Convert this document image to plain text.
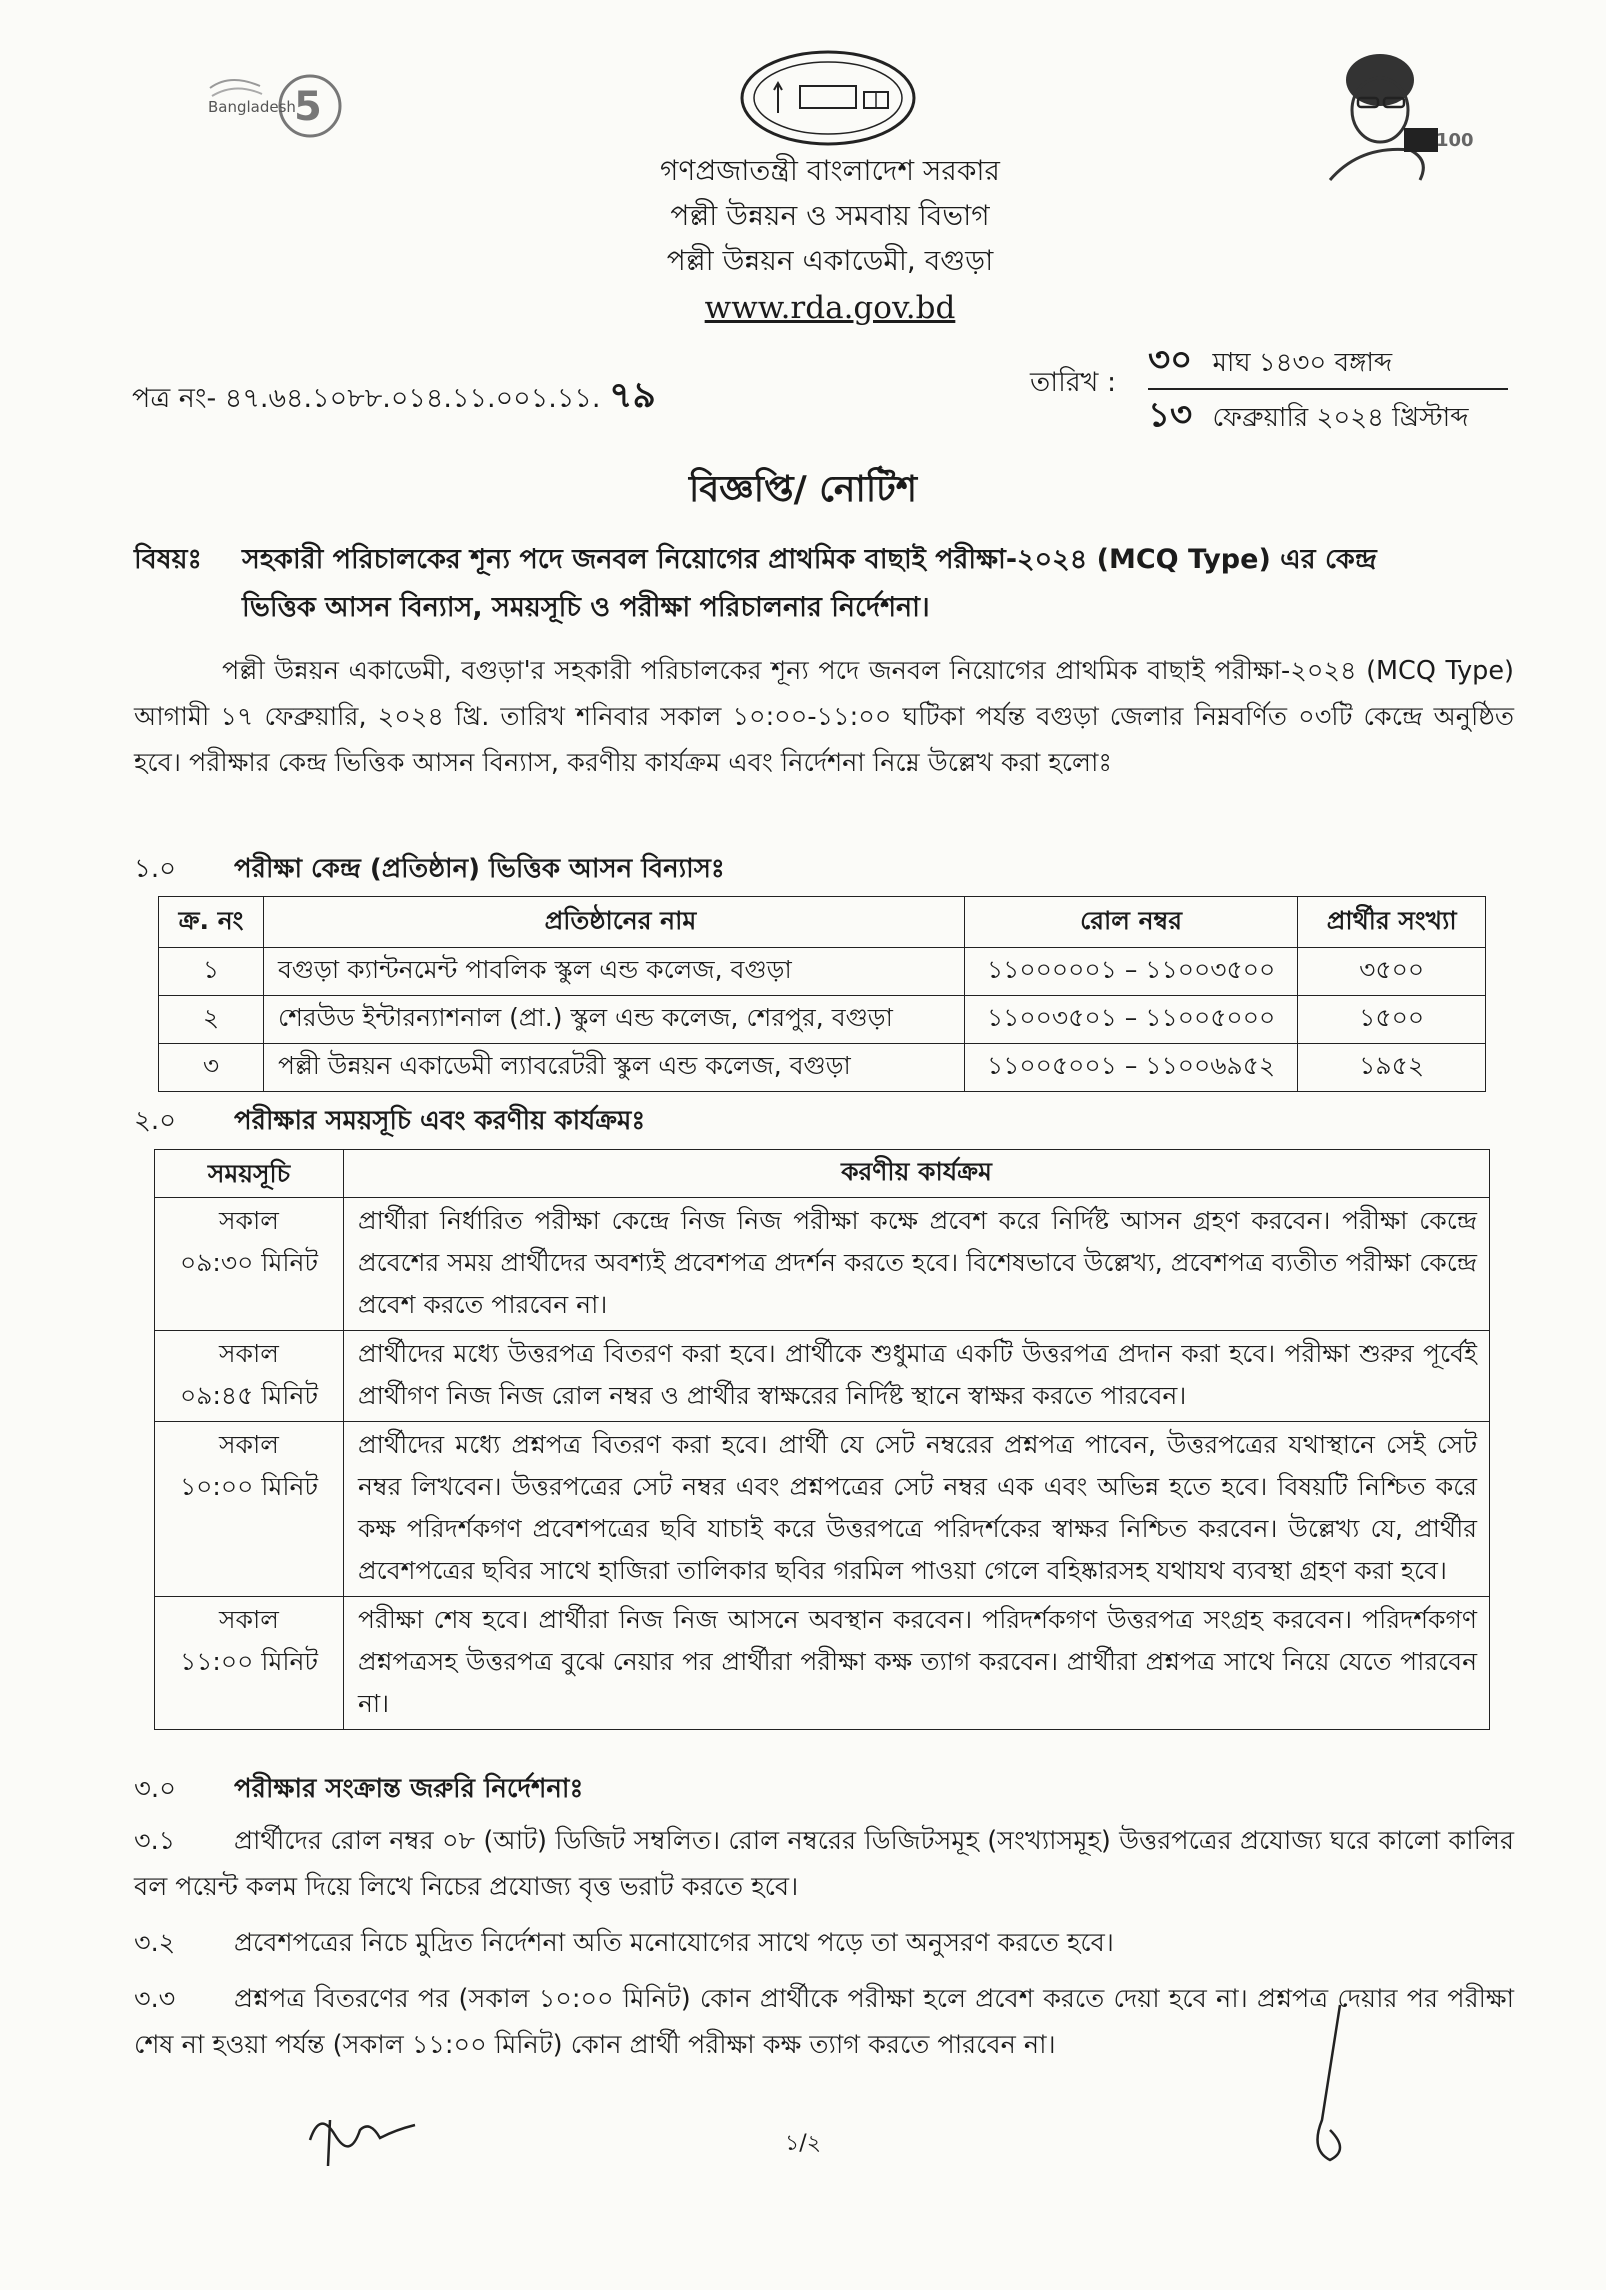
5
Bangladesh
100
গণপ্রজাতন্ত্রী বাংলাদেশ সরকার
পল্লী উন্নয়ন ও সমবায় বিভাগ
পল্লী উন্নয়ন একাডেমী, বগুড়া
www.rda.gov.bd
পত্র নং- ৪৭.৬৪.১০৮৮.০১৪.১১.০০১.১১. ৭৯	তারিখ :
৩০ মাঘ ১৪৩০ বঙ্গাব্দ
১৩ ফেব্রুয়ারি ২০২৪ খ্রিস্টাব্দ
বিজ্ঞপ্তি/ নোটিশ
বিষয়ঃ সহকারী পরিচালকের শূন্য পদে জনবল নিয়োগের প্রাথমিক বাছাই পরীক্ষা-২০২৪ (MCQ Type) এর কেন্দ্র
ভিত্তিক আসন বিন্যাস, সময়সূচি ও পরীক্ষা পরিচালনার নির্দেশনা।
পল্লী উন্নয়ন একাডেমী, বগুড়া'র সহকারী পরিচালকের শূন্য পদে জনবল নিয়োগের প্রাথমিক বাছাই পরীক্ষা-২০২৪ (MCQ Type) আগামী ১৭ ফেব্রুয়ারি, ২০২৪ খ্রি. তারিখ শনিবার সকাল ১০:০০-১১:০০ ঘটিকা পর্যন্ত বগুড়া জেলার নিম্নবর্ণিত ০৩টি কেন্দ্রে অনুষ্ঠিত হবে। পরীক্ষার কেন্দ্র ভিত্তিক আসন বিন্যাস, করণীয় কার্যক্রম এবং নির্দেশনা নিম্নে উল্লেখ করা হলোঃ
১.০ পরীক্ষা কেন্দ্র (প্রতিষ্ঠান) ভিত্তিক আসন বিন্যাসঃ
ক্র. নং	প্রতিষ্ঠানের নাম	রোল নম্বর	প্রার্থীর সংখ্যা
১	বগুড়া ক্যান্টনমেন্ট পাবলিক স্কুল এন্ড কলেজ, বগুড়া	১১০০০০০১ – ১১০০৩৫০০	৩৫০০
২	শেরউড ইন্টারন্যাশনাল (প্রা.) স্কুল এন্ড কলেজ, শেরপুর, বগুড়া	১১০০৩৫০১ – ১১০০৫০০০	১৫০০
৩	পল্লী উন্নয়ন একাডেমী ল্যাবরেটরী স্কুল এন্ড কলেজ, বগুড়া	১১০০৫০০১ – ১১০০৬৯৫২	১৯৫২
২.০ পরীক্ষার সময়সূচি এবং করণীয় কার্যক্রমঃ
সময়সূচি	করণীয় কার্যক্রম

সকাল
০৯:৩০ মিনিট	প্রার্থীরা নির্ধারিত পরীক্ষা কেন্দ্রে নিজ নিজ পরীক্ষা কক্ষে প্রবেশ করে নির্দিষ্ট আসন গ্রহণ করবেন। পরীক্ষা কেন্দ্রে প্রবেশের সময় প্রার্থীদের অবশ্যই প্রবেশপত্র প্রদর্শন করতে হবে। বিশেষভাবে উল্লেখ্য, প্রবেশপত্র ব্যতীত পরীক্ষা কেন্দ্রে প্রবেশ করতে পারবেন না।

সকাল
০৯:৪৫ মিনিট	প্রার্থীদের মধ্যে উত্তরপত্র বিতরণ করা হবে। প্রার্থীকে শুধুমাত্র একটি উত্তরপত্র প্রদান করা হবে। পরীক্ষা শুরুর পূর্বেই প্রার্থীগণ নিজ নিজ রোল নম্বর ও প্রার্থীর স্বাক্ষরের নির্দিষ্ট স্থানে স্বাক্ষর করতে পারবেন।

সকাল
১০:০০ মিনিট	প্রার্থীদের মধ্যে প্রশ্নপত্র বিতরণ করা হবে। প্রার্থী যে সেট নম্বরের প্রশ্নপত্র পাবেন, উত্তরপত্রের যথাস্থানে সেই সেট নম্বর লিখবেন। উত্তরপত্রের সেট নম্বর এবং প্রশ্নপত্রের সেট নম্বর এক এবং অভিন্ন হতে হবে। বিষয়টি নিশ্চিত করে কক্ষ পরিদর্শকগণ প্রবেশপত্রের ছবি যাচাই করে উত্তরপত্রে পরিদর্শকের স্বাক্ষর নিশ্চিত করবেন। উল্লেখ্য যে, প্রার্থীর প্রবেশপত্রের ছবির সাথে হাজিরা তালিকার ছবির গরমিল পাওয়া গেলে বহিষ্কারসহ যথাযথ ব্যবস্থা গ্রহণ করা হবে।

সকাল
১১:০০ মিনিট	পরীক্ষা শেষ হবে। প্রার্থীরা নিজ নিজ আসনে অবস্থান করবেন। পরিদর্শকগণ উত্তরপত্র সংগ্রহ করবেন। পরিদর্শকগণ প্রশ্নপত্রসহ উত্তরপত্র বুঝে নেয়ার পর প্রার্থীরা পরীক্ষা কক্ষ ত্যাগ করবেন। প্রার্থীরা প্রশ্নপত্র সাথে নিয়ে যেতে পারবেন না।
৩.০ পরীক্ষার সংক্রান্ত জরুরি নির্দেশনাঃ
৩.১ প্রার্থীদের রোল নম্বর ০৮ (আট) ডিজিট সম্বলিত। রোল নম্বরের ডিজিটসমূহ (সংখ্যাসমূহ) উত্তরপত্রের প্রযোজ্য ঘরে কালো কালির বল পয়েন্ট কলম দিয়ে লিখে নিচের প্রযোজ্য বৃত্ত ভরাট করতে হবে।
৩.২ প্রবেশপত্রের নিচে মুদ্রিত নির্দেশনা অতি মনোযোগের সাথে পড়ে তা অনুসরণ করতে হবে।
৩.৩ প্রশ্নপত্র বিতরণের পর (সকাল ১০:০০ মিনিট) কোন প্রার্থীকে পরীক্ষা হলে প্রবেশ করতে দেয়া হবে না। প্রশ্নপত্র দেয়ার পর পরীক্ষা শেষ না হওয়া পর্যন্ত (সকাল ১১:০০ মিনিট) কোন প্রার্থী পরীক্ষা কক্ষ ত্যাগ করতে পারবেন না।
১/২
